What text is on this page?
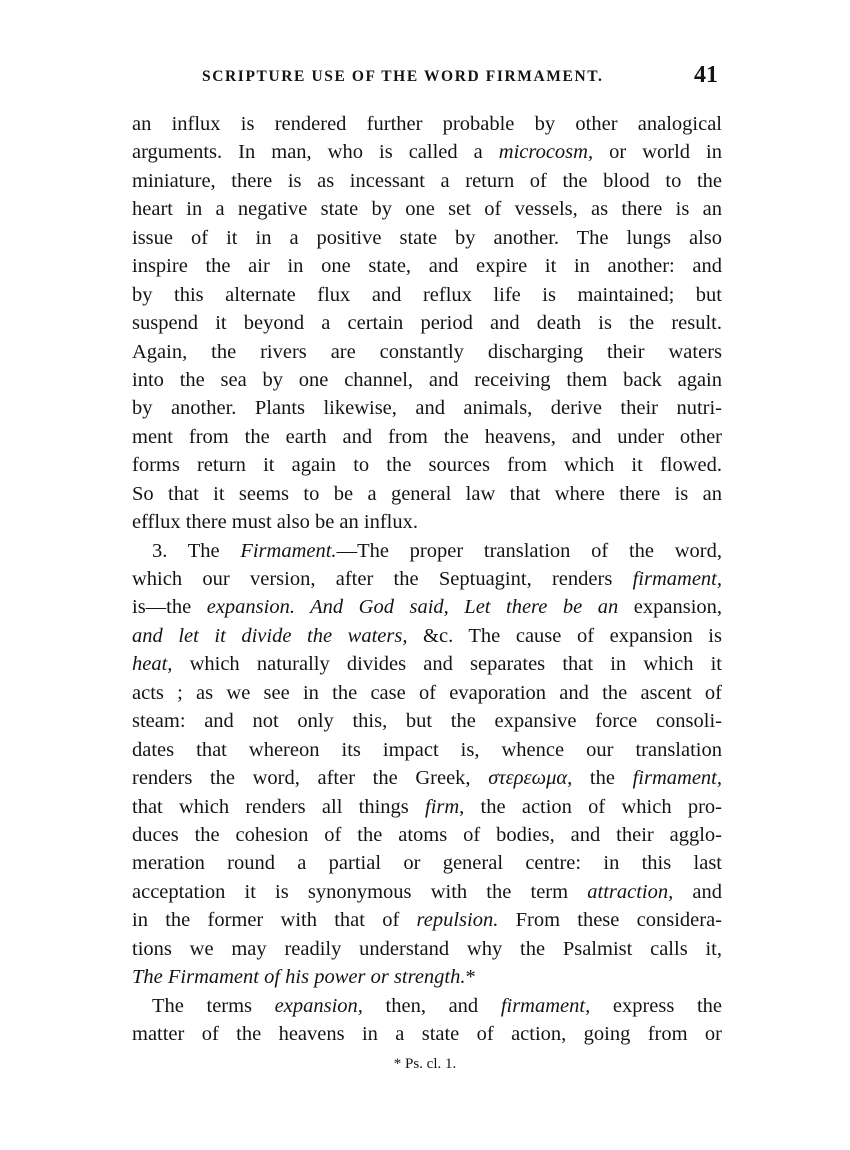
SCRIPTURE USE OF THE WORD FIRMAMENT.	41
an influx is rendered further probable by other analogical
arguments. In man, who is called a microcosm, or world in
miniature, there is as incessant a return of the blood to the
heart in a negative state by one set of vessels, as there is an
issue of it in a positive state by another. The lungs also
inspire the air in one state, and expire it in another: and
by this alternate flux and reflux life is maintained; but
suspend it beyond a certain period and death is the result.
Again, the rivers are constantly discharging their waters
into the sea by one channel, and receiving them back again
by another. Plants likewise, and animals, derive their nutri-
ment from the earth and from the heavens, and under other
forms return it again to the sources from which it flowed.
So that it seems to be a general law that where there is an
efflux there must also be an influx.
3. The Firmament.—The proper translation of the word,
which our version, after the Septuagint, renders firmament,
is—the expansion. And God said, Let there be an expansion,
and let it divide the waters, &c. The cause of expansion is
heat, which naturally divides and separates that in which it
acts ; as we see in the case of evaporation and the ascent of
steam: and not only this, but the expansive force consoli-
dates that whereon its impact is, whence our translation
renders the word, after the Greek, στερεωμα, the firmament,
that which renders all things firm, the action of which pro-
duces the cohesion of the atoms of bodies, and their agglo-
meration round a partial or general centre: in this last
acceptation it is synonymous with the term attraction, and
in the former with that of repulsion. From these considera-
tions we may readily understand why the Psalmist calls it,
The Firmament of his power or strength.*
The terms expansion, then, and firmament, express the
matter of the heavens in a state of action, going from or
* Ps. cl. 1.
